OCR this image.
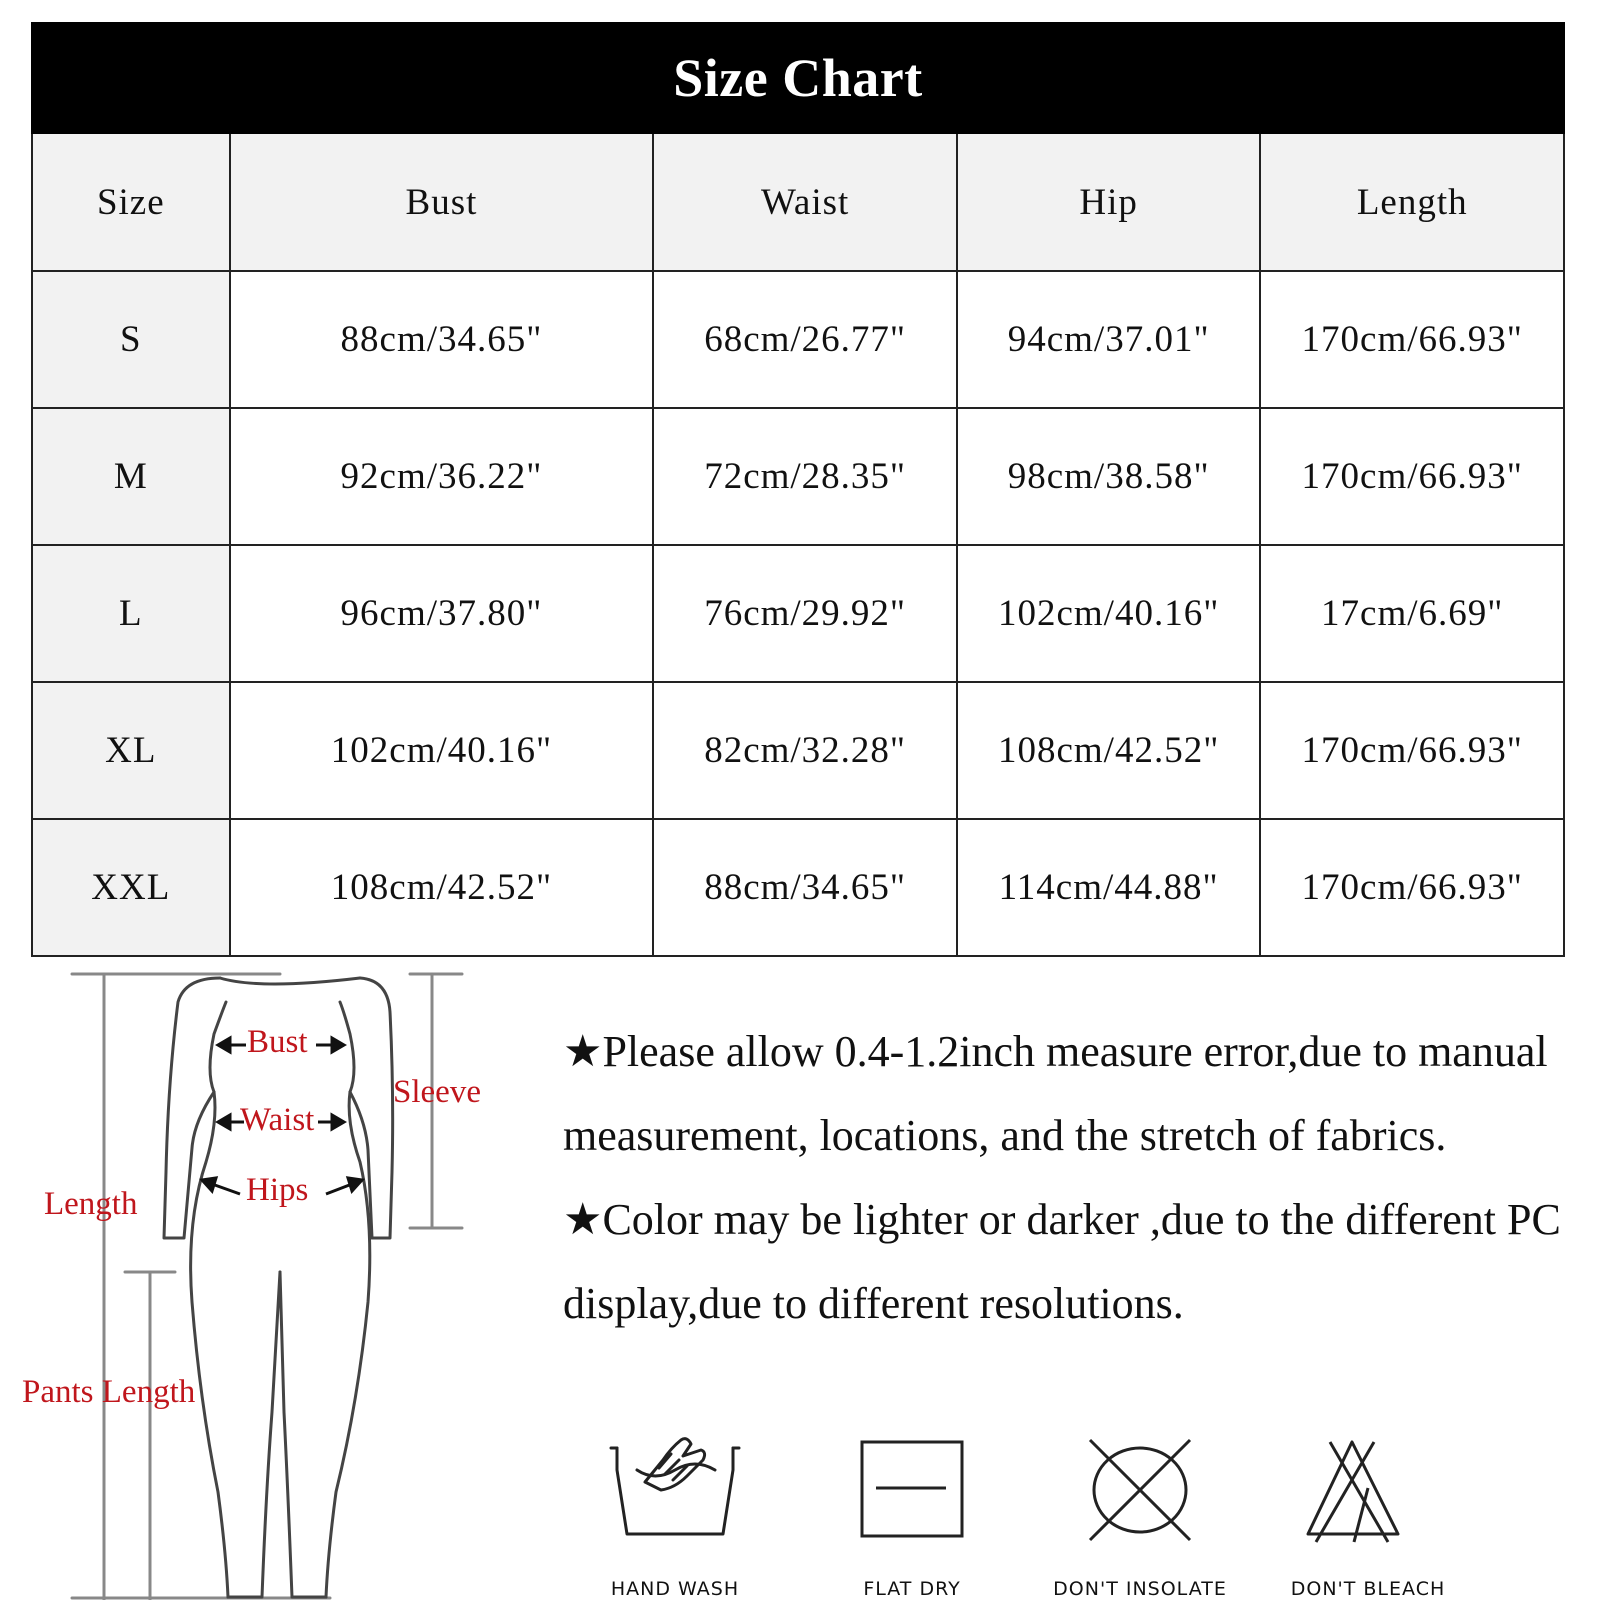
Size Chart
Size	Bust	Waist	Hip	Length
S	88cm/34.65"	68cm/26.77"	94cm/37.01"	170cm/66.93"
M	92cm/36.22"	72cm/28.35"	98cm/38.58"	170cm/66.93"
L	96cm/37.80"	76cm/29.92"	102cm/40.16"	17cm/6.69"
XL	102cm/40.16"	82cm/32.28"	108cm/42.52"	170cm/66.93"
XXL	108cm/42.52"	88cm/34.65"	114cm/44.88"	170cm/66.93"
Bust
Waist
Hips
Sleeve
Length
Pants Length

★Please allow 0.4-1.2inch measure error,due to manual measurement, locations, and the stretch of fabrics.

★Color may be lighter or darker ,due to the different PC display,due to different resolutions.

HAND WASH	FLAT DRY	DON'T INSOLATE	DON'T BLEACH
